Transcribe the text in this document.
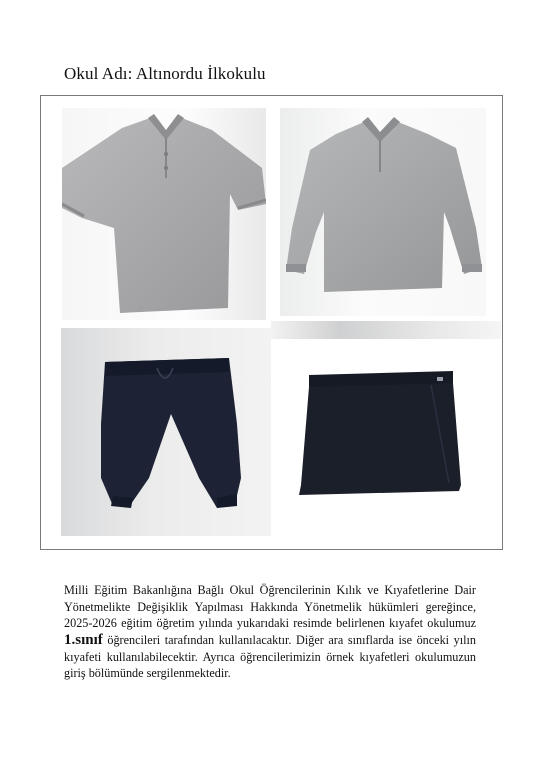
Okul Adı: Altınordu İlkokulu

Milli Eğitim Bakanlığına Bağlı Okul Öğrencilerinin Kılık ve Kıyafetlerine Dair Yönetmelikte Değişiklik Yapılması Hakkında Yönetmelik hükümleri gereğince, 2025-2026 eğitim öğretim yılında yukarıdaki resimde belirlenen kıyafet okulumuz 1.sınıf öğrencileri tarafından kullanılacaktır. Diğer ara sınıflarda ise önceki yılın kıyafeti kullanılabilecektir. Ayrıca öğrencilerimizin örnek kıyafetleri okulumuzun giriş bölümünde sergilenmektedir.
